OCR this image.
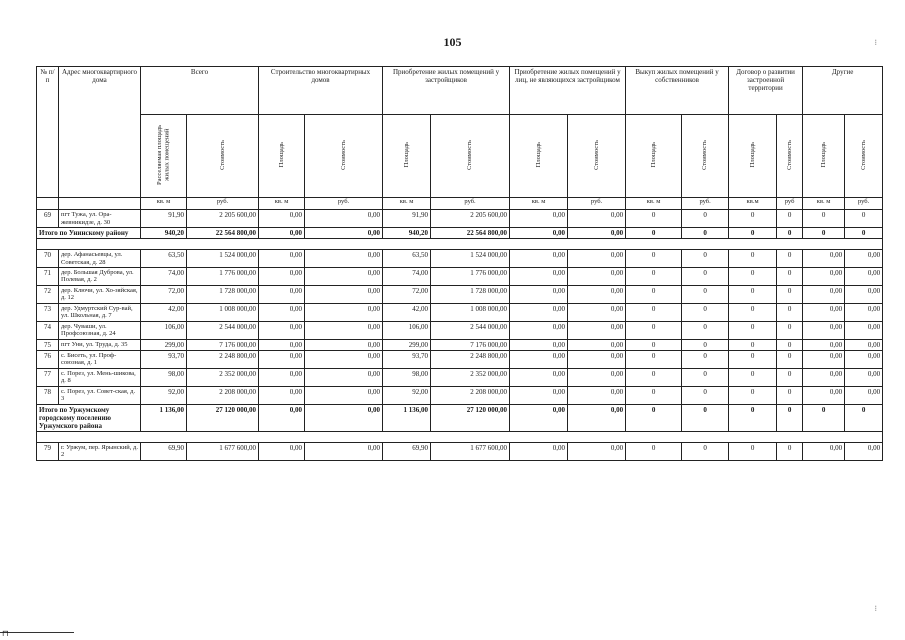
105	⁝
⁝
№ п/п	Адрес многоквартирного дома	Всего		Строительство многоквартирных домов		Приобретение жилых помещений у застройщиков		Приобретение жилых помещений у лиц, не являющихся застройщиком		Выкуп жилых помещений у собственников		Договор о развитии застроенной территории		Другие	
		Расселяемая площадь жилых помещений	Стоимость	Площадь	Стоимость	Площадь	Стоимость	Площадь	Стоимость	Площадь	Стоимость	Площадь	Стоимость	Площадь	Стоимость
		кв. м	руб.	кв. м	руб.	кв. м	руб.	кв. м	руб.	кв. м	руб.	кв.м	руб	кв. м	руб.
69	пгт Тужа, ул. Ора-жевникидзе, д. 30	91,90	2 205 600,00	0,00	0,00	91,90	2 205 600,00	0,00	0,00	0	0	0	0	0	0
Итого по Унинскому району		940,20	22 564 800,00	0,00	0,00	940,20	22 564 800,00	0,00	0,00	0	0	0	0	0	0

70	дер. Афанасьевцы, ул. Советская, д. 28	63,50	1 524 000,00	0,00	0,00	63,50	1 524 000,00	0,00	0,00	0	0	0	0	0,00	0,00
71	дер. Большая Дуброва, ул. Полевая, д. 2	74,00	1 776 000,00	0,00	0,00	74,00	1 776 000,00	0,00	0,00	0	0	0	0	0,00	0,00
72	дер. Ключи, ул. Хо-зяйская, д. 12	72,00	1 728 000,00	0,00	0,00	72,00	1 728 000,00	0,00	0,00	0	0	0	0	0,00	0,00
73	дер. Удмуртский Сур-вай, ул. Школьная, д. 7	42,00	1 008 000,00	0,00	0,00	42,00	1 008 000,00	0,00	0,00	0	0	0	0	0,00	0,00
74	дер. Чуваши, ул. Профсоюзная, д. 24	106,00	2 544 000,00	0,00	0,00	106,00	2 544 000,00	0,00	0,00	0	0	0	0	0,00	0,00
75	пгт Уни, ул. Труда, д. 35	299,00	7 176 000,00	0,00	0,00	299,00	7 176 000,00	0,00	0,00	0	0	0	0	0,00	0,00
76	с. Бисеть, ул. Проф-союзная, д. 1	93,70	2 248 800,00	0,00	0,00	93,70	2 248 800,00	0,00	0,00	0	0	0	0	0,00	0,00
77	с. Порез, ул. Мень-шикова, д. 8	98,00	2 352 000,00	0,00	0,00	98,00	2 352 000,00	0,00	0,00	0	0	0	0	0,00	0,00
78	с. Порез, ул. Совет-ская, д. 3	92,00	2 208 000,00	0,00	0,00	92,00	2 208 000,00	0,00	0,00	0	0	0	0	0,00	0,00
Итого по Уржумскому городскому поселению Уржумского района		1 136,00	27 120 000,00	0,00	0,00	1 136,00	27 120 000,00	0,00	0,00	0	0	0	0	0	0

79	г. Уржум, пер. Ярынский, д. 2	69,90	1 677 600,00	0,00	0,00	69,90	1 677 600,00	0,00	0,00	0	0	0	0	0,00	0,00
⊓
